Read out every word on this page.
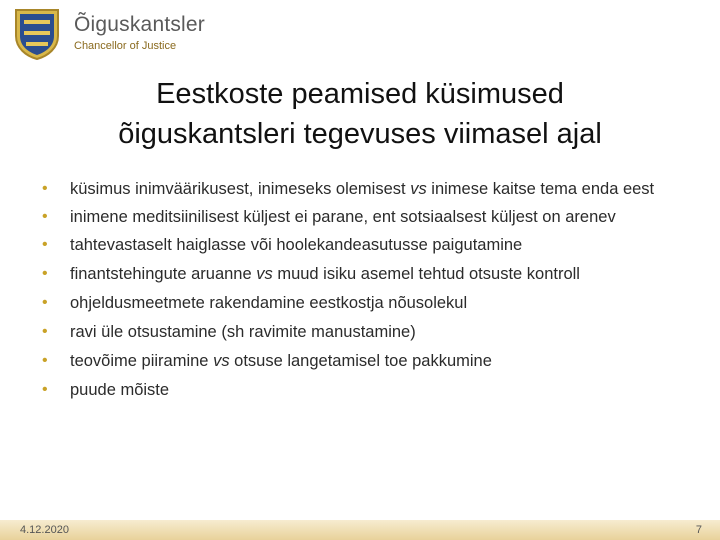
Õiguskantsler
Chancellor of Justice
Eestkoste peamised küsimused
õiguskantsleri tegevuses viimasel ajal
• küsimus inimväärikusest, inimeseks olemisest vs inimese kaitse tema enda eest
• inimene meditsiinilisest küljest ei parane, ent sotsiaalsest küljest on arenev
• tahtevastaselt haiglasse või hoolekandeasutusse paigutamine
• finantstehingute aruanne vs muud isiku asemel tehtud otsuste kontroll
• ohjeldusmeetmete rakendamine eestkostja nõusolekul
• ravi üle otsustamine (sh ravimite manustamine)
• teovõime piiramine vs otsuse langetamisel toe pakkumine
• puude mõiste
4.12.2020	7
